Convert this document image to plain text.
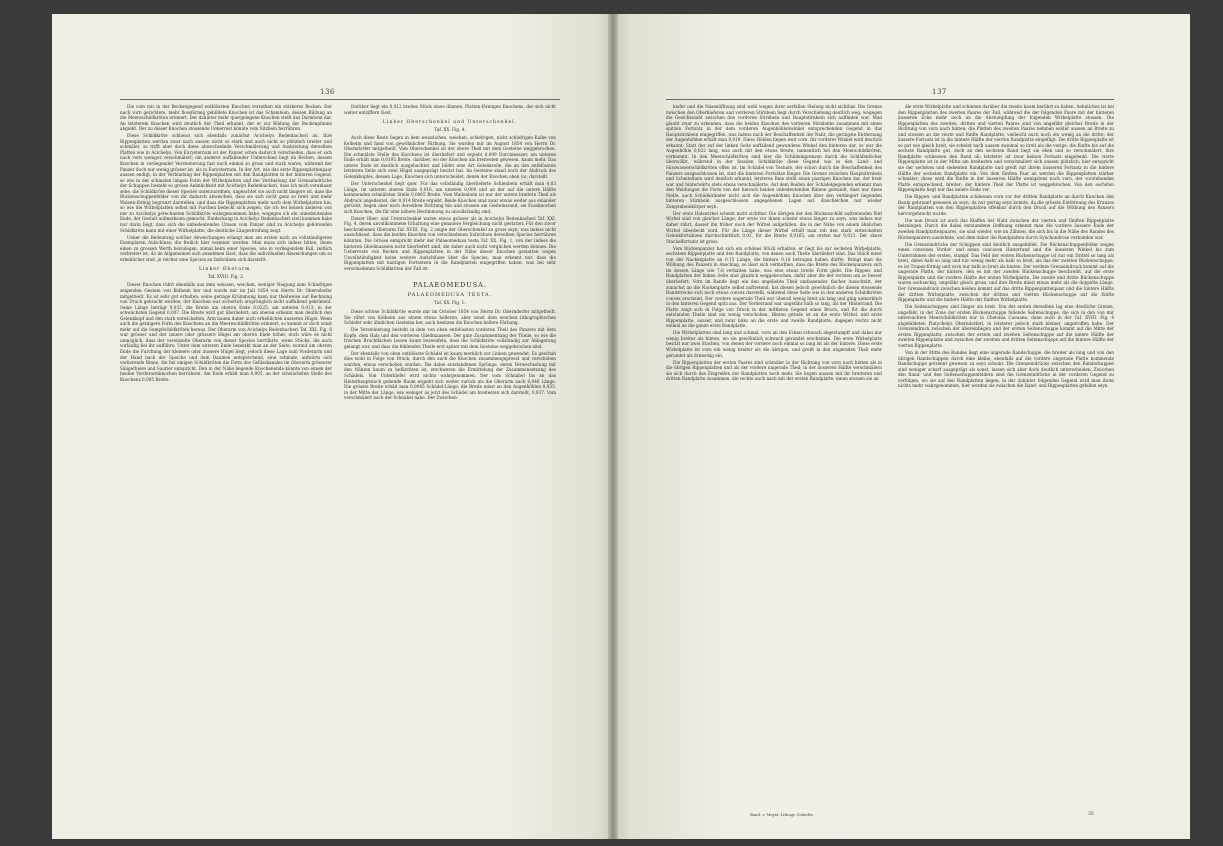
136

Die vom mir in der Beckengegend entblössten Knochen verrathen ein stärkeres Becken. Der nach vorn gerichtete, mehr flossförmig gebildete Knochen ist das Schambein, dessen Bildung an die Meereschildkröten erinnert. Der dahinter mehr quergelegene Knochen stellt das Darmbein dar. An letzterem Knochen wird deutlich der Theil erkannt, der er zur Bildung der Beckenpfanne abgiebt. Der zu dieser Knochen stossende Ueberrest könnte vom Sitzbein herrühren.

Diese Schildkröte schliesst sich ebenfalls zunächst Acichelys Redenbacheri an. Ihre Rippenplatten werden zwar nach aussen nicht so stark und auch nicht so plötzlich breiter und schmäler, so trifft aber doch diese abwechselnde Verschmälerung und Ausbreitung derselben Platten wie in Acichelys. Von Eurysternum ist der Panzer schon dadurch verschieden, dass er sich nach vorn weniger verschmälert; ein anderer auffallender Unterschied liegt im Becken, dessen Knochen in vorliegender Versteinerung fast noch einmal so gross und stark waren, während der Panzer doch nur wenig grösser ist, als in Eurysternum. In der Art, wie das erste Rippenplattenpaar aussen endigt, in der Verbindung der Rippenplatten mit den Randplatten in der hinteren Gegend, so wie in der schmalen langen Form der Wirbelplatten und der Vertheilung der Grenzeindrücke der Schuppen besteht so grosse Aehnlichkeit mit Acichelys Redenbacheri, dass ich mich veranlasst sehe, die Schildkröte dieser Species unterzuordnen, ungeachtet sie auch nicht längere ist, dass die Rückenschuppenfelder von ihr dadurch abweichen, dass sie sich nicht ganz so breit und mehr Walzen-förmig begrenzt darstellen, und dass die Rippenplatten mehr nach dem Wirbelplatten hin, so wie die Wirbelplatten selbst mit Furchen bedeckt sich zeigen, die ich bei keinen anderen von mir zu Acichelys gerechneten Schildkröte wahrgenommen habe; wogegen ich ein unbedeutendes Ende, der Gestalt aufmerksam gemacht, Entdeckung in Acichelys Redenbacheri steil kommen habe nur darin liegt, dass sich die unbedeutendes Umsen vom Panzer sind zu Acichelys gehörenden Schildkröte kann mit einer Wirbelplatte, die deutliche Längestreifung zeigt.

Ueber die Bedeutung solcher Abweichungen erlangt man am ersten nach an vollständigeren Exemplaren Aufschluss; die freilich hier vermisst werden. Man muss sich indess hüten, ihnen einen zu grossen Werth beizulegen, zumal beim einer Species, wie in vorliegendem Fall, zeitlich verbreitet ist; da im Allgemeinen sich annehmen lässt, dass die individuellen Abweichungen um so erheblicher sind, je reicher eine Species an Individuen sich darstellt.

Linker Oberarm.

Taf. XVIII. Fig. 2.

Dieser Knochen rührt ebenfalls aus dem weissen, weichen, weniger Neigung zum Schiefrigen zeigenden Gestein von Kelheim her und wurde mir im Juli 1854 von Herrn Dr. Oberndorfer mitgetheilt. Es ist sehr gut erhalten; seine geringe Krümmung kann nur theilweise auf Rechnung von Druck gebracht werden; der Knochen war sicherlich ursprünglich nicht auffallend gekrümmt. Seine Länge beträgt 0,032, die Breite am oberen Ende 0,0225, am unteren 0,013, in der schwächsten Gegend 0,007. Die Breite wird gut überliefert; am oberen erkennt man deutlich den Gelenkkopf und den stark entwickelten, Arm bauen daher auch erheblichen äusseren Hügel. Wenn auch die geringere Form des Knochens an die Meereschildkröten erinnert, so kommt er doch sonst mehr auf die Sumpfschildkröten heraus. Der Oberarm von Acichelys Redenbacheri Taf. XXI. Fig. 6 war grösser und der innere oder grössere Hügel am oberen Ende höher, doch wäre es nicht unmöglich, dass der vereinzelte Oberarm von dieser Species herrührte, wenn Stücke, die auch vorläufig bei ihr aufführe. Unter dem unteren Ende bemerkt man an der Seite, worauf am oberen Ende die Furchung der kleinere oder äussere Hügel liegt, jedoch diese Lage zum Vorderarm und der Hand nach der Speiche und dem Daumen entsprechend, eine schmale, aufwärts sich verlierende Rinne, die bei einigen Schildkröten die Form des Gefässkanales im Oberarm grösserer Säugethiere und Saurier entspricht. Den in der Nähe liegende Knochenende könnte von einem der beiden Vorderarmknochen herrühren. Am Ende erhält man 0,005, an der schwächsten Stelle des Knochens 0,005 Breite.

Darüber liegt ein 0,012 breites Stück eines dünnen, Platten-förmigen Knochens, der sich nicht weiter entziffern lässt.

Linker Oberschenkel und Unterschenkel.

Taf. XX. Fig. 4.

Auch diese Reste liegen in dem weisslichen, weichen, schiefrigen, nicht schiefrigen Kalke von Kelheim und fand von gewöhnlicher Färbung. Sie wurden mir im August 1854 von Herrn Dr. Oberndorfer mitgetheilt. Vom Oberschenkel ist der obere Theil mit dem Gesteine weggebrochen. Die schmälste Stelle des Knochens ist überliefert und ergiebt 0,009 Durchmesser, am unteren Ende erhält man 0,0195 Breite, darüber, wo der Knochen am breitesten gewesen, kaum mehr. Das untere Ende ist deutlich ausgebuchtet und bildet eine Art Gelenkrolle, die an den entblössten letzteren Seite sich zwei Hügel ausgeprägt besitzt hat. Im Gesteine stand noch der Abdruck des Gelenkkopfes, dessen Lage, Knochen sich unterscheidet, denen der Knochen oben (a), darstellt.

Der Unterschenkel liegt quer. Für das vollständig überlieferte Schienbein erhält man 0,03 Länge, im unteren oberen Ende 0,016, am unteren 0,009 und an der auf die untere Hälfte kommenden schmälsten Stelle 0,0065 Breite. Vom Wadenbein ist nur der untere breitere Theil als Abdruck angedeutet, der 0,014 Breite ergiebt. Beide Knochen sind zwar etwas weiter aus einander gerückt, liegen aber nach derselben Richtung hin und stossen am Gesteinsrand, sie Fussknochen sich Knochen, die für eine nähere Bestimmung zu unvollständig sind.

Dieser Ober- und Unterschenkel waren etwas grösser als in Acichelys Redenbacheri Taf. XXI. Fig. 4, deren unvollkommene Erhaltung eine genauere Vergleichung nicht gestattet. Für den zuvor beschriebenen Oberarm Taf. XVIII. Fig. 2 zeigte der Oberschenkel zu gross seyn, was indess nicht ausschliesst, dass die beiden Knochen von verschiedenen Individuen derselben Species herrühren könnten. Die Grösse entspricht mehr der Palaeomedusa testa Taf. XX. Fig. 1, von der indess die hinteren Gliedmaassen nicht überliefert sind, die daher auch nicht verglichen werden können. Die Ueberreste von Becken und Rippenplatten in der Nähe dieser Knochen gestatten wegen Unvollständigkeit keine weitere Aufschlüsse über die Species; man erkennt nur, dass die Rippenplatten mit kantigen Fortsetzen in die Randplatten eingegriffen haben, was bei sehr verschiedenen Schildkröten der Fall ist.

PALAEOMEDUSA.

PALAEOMEDUSA TESTA.

Taf. XX. Fig. 1.

Diese schöne Schildkröte wurde mir im October 1854 von Herrn Dr. Oberndorfer mitgetheilt. Sie rührt von Kelheim aus einem etwas helleren, aber sonst dem weichen lithographischen Schiefer sehr ähnlichen Gesteine her, auch besitzen die Knochen hellere Färbung.

Die Versteinerung besteht in dem von oben entblössten vorderen Theil des Panzers mit dem Kopfe, dem Hals und den vorderen Gliedmaassen. Der gute Zusammenhang der Theile, so wie die frischen Bruchflächen lassen kaum bezweifeln, dass die Schildkröte vollständig zur Ablagerung gelangt war, und dass die fehlenden Theile erst später mit dem Gesteine weggebrochen sind.

Der ebenfalls von oben entblösste Schädel ist kaum merklich zur Linken gewendet. Es geschah dies wohl in Folge von Druck, durch den auch die Knochen zusammengepresst und verschoben wurden, etwas verschoben wurden. Die dabei entstandenen Sprünge, deren Verwechselung mit den Nähten kaum zu befürchten ist, erschweren die Ermittelung der Zusammensetzung des Schädels. Von Unterkiefer wird nichts wahrgenommen. Der vom Schnabel bis an das Hinterhauptsloch gehende Raum ergiebt sich weiter zurück als die Oberarm nach 0,048 Länge. Die grösste Breite erhält man 0,0045 Schädel-Länge; die Breite misst an den Augenhöhlen 0,033, in der Mitte der Länge, wie weniger as jetzt des Schädel am breitesten sich darstellt, 0,037. Vom verschmälert nach der Schnabel nahe. Der Zwischen-

137

kiefer und die Nasenöffnung sind wohl wegen ihrer zerfallen Stelung nicht sichtbar. Die Grenze zwischen den Oberkieferen und vorderen Stirnbein liegt durch Verschiebung deutlich weg; wogegen die Gesichtsnaht zwischen den vorderen Stirnbein und Hauptstirnbein sich auffinden war. Man glaubt zwar zu erkennen, dass die beiden Knochen des vorderen Stirnbeins zusammen mit einen spitzen Fortsatz in der dem vorderen Augenhöhlenwinkel entsprechenden Gegend in das Hauptstirnbein eingegriffen, was indess nach der Beschaffenheit der Naht, die geringste Entfernung der Augenhöhlen erhält man 0,019. Diese Höhlen liegen weit vorn. Ihr vorderer Winkel wird deutlich erkannt. Statt der auf der linken Seite auffallend gewundene Winkel den hinteren dar, so war die Augenhöhle 0,022 lang, was auch mit den etwas Breite, namentlich bei den Meerschildkröten, vorkommt. In den Meerschildkröten sind hier die Schildeingrenzen durch die Schläfenlöcher überwölbt, während in der fossilen Schildkröte diese Gegend wie in den Land- und Süsswasserschildkröten offen ist. Im Schädel von Testudo, der schon durch die Beschaffenheit des Panzers ausgeschlossen ist, sind die hinteren Fortsätze länger. Die Grenze zwischen Hauptstirnbein und Scheitelbein wird deutlich erkannt; letzteres Bein stellt einen paarigen Knochen dar, der breit war und hinterwärts stets etwas verschmälerte. Auf dem Beiden der Schädelgegenden erkennt man den Waldungen die Form von der hierach beiden unbedeutenden Rinnen gewandt, dass nur diese Stelle, auch Schädelränder nicht sich die Augenhöhlen Knochen über den verlängert liegenden hinteren Stirnbein ausgeschlossen angegebenen Lagen auf, Knöchelchen nur wieder Zungenbeinkörper seyn.

Der erste Halswirbel scheint nicht sichtbar. Die übrigen der den Rückenschild auftretenden fünf Wirbel sind von gleicher Länge; der erste vor ihnen scheint etwas länger zu seyn, was indess nur daher rührt, dasser ihn früher noch der Wirbel aufgefallen, die in der Nähe von einem ähnlichen Wirbel überdeckt wird. Für die Länge dieser Wirbel erhält man roh den stark entwickelten Gelenkfortsätzen durchschnittlich 0,02, für die Breite 0,0165, am ersten nur 0,015. Der obere Stachelfortsatz ist gross.

Vom Rückenpanzer hat sich ein schönes Stück erhalten; er liegt bis zur sechsten Wirbelplatte, sechstem Rippenplatte und den Randplatte, von denen auch Theile überliefert sind. Das Stück misst von der Nackenplatte an 0,15 Länge, die hintere 0,18 betragen haben dürfte. Bringt man die Wölbung des Panzers in Anschlag, so lässt sich vermuthen, dass die Breite des Rückenpanzers sich im dessen Länge wie 7:8 verhalten habe, was eine etwas breite Form giebt. Die Rippen- und Randplatten der linken Seite sind gänzlich weggebrochen, dafür aber die der rechten um so besser überliefert. Vorn im Rande liegt ein den ungeliebte Theil umfassender, flacher Ausschnitt, der zunächst an die Nackenplatte selbst auftretend, hat diesen jedoch gewöhnlich die diesen stossende Randstrecke sich noch etwas convex darstellt, während diese Seite wie in den anderen Schildkröten convex erscheint. Der vordere ungerade Theil war überall wenig breit als lang und ging unmerklich in den hinteren Gegend spitz aus. Der Vorderrand war ungefähr halb so lang, als der Hinterrand. Die Platte zeigt sich in Folge von Druck in der mittleren Gegend einen Bruch, und für die durch entstanden Theile sind ein wenig verschoben. Hinten gerade ist an die erste Wirbel, und erste Rippenplatte, ausser, und zwar links an die erste und zweite Randplatte, dagegen rechts nicht einmal an die ganze erste Randplatte.

Die Wirbelplatten sind lang und schmal, vorn an den Ecken schwach abgestumpft und dabei nur wenig breiter als hinten, wo sie gewöhnlich schwach gerundet erscheinen. Die erste Wirbelplatte besitzt nur zwei Stachen, von denen der vordere noch einmal so lang ist als der hintere. Diese erste Wirbelplatte ist vorn ein wenig breiter als die übrigen, und greift in den ungeraden Theil mehr gerundet als dreieckig ein.

Die Rippenplatten der ersten Paares sind schmäler in der Richtung von vorn nach hinten als in die übrigen Rippenplatten und als der vordere ungerade Theil; in der äusseren Hälfte verschmälern sie sich durch das Eingreifen der Randplatten noch mehr. Sie liegen aussen mit ihr breiteren und dritten Randplatte zusammen, die rechte auch nach mit der ersten Randplatte; innen stossen sie an

die erste Wirbelplatte und schienen darüber die zweite kaum berührt zu haben. Aehnliches ist bei den Rippenplatten des zweiten Paares der Fall, während die der folgenden Paare mit der hinteren äusseren Ecke mehr noch an die Abstumpfung der folgenden Wirbelplatte stossen. Die Rippenplatten des zweiten, dritten und vierten Paares sind von ungefähr gleicher Breite in der Richtung von vorn nach hinten; die Platten des zweiten Paares nehmen weiter aussen an Breite zu und stossen an die vierte und fünfte Randplatte, vielleicht auch noch ein wenig an die dritte; der äussere Fortsatz ist in die hintere Hälfte der vierten Randplatte eingefügt. Die dritte Rippenplatte ist so gut wie gleich breit, sie scheint nach aussen zweimal so breit als die vorige; die fünfte bis auf die sechste Randplatte gut, doch an den sechsten Rand liegt sie eben und so verschmälert, ihre Randplatte schliessen den Rand ab; letzterer ist zwar keinen Fortsatz eingelenkt. Die vierte Rippenplatte ist in der Mitte am breitesten und verschmälert sich aussen plötzlich; hier entspricht sie der sechsten und siebenten Randplatte und greift mit ihrem äusseren Fortsatz in die hintere Hälfte der sechsten Randplatte ein. Von dem fünften Paar an werden die Rippenplatten stärker schmäler; diese wird die fünfte in der äusseren Hälfte wenigstens nach vorn, der vorstehenden Platte entsprechend, breiter; der hintere Theil der Platte ist weggebrochen. Von den sechsten Rippenplatte liegt nur das innere Ende vor.

Die Rippen- und Randplatten schliessen vorn vor der dritten Randplatte an durch Knochen den Raum gebrannt gewesen zu seyn, da nur gering seyn konnte, da die grösste Entfernung des Kranzes der Randplatten von den Rippenplatten offenbar durch den Druck auf die Wölbung des Panzers hervorgebracht wurde.

Die nun Druck ist auch das Klaffen der Naht zwischen der vierten und fünften Rippenplatte beizulegen. Durch die dabei entstandene Oeffnung erkennt man die vordere äussere Ende der zweiten Randplattenpaares, sie sind wieder, wie im Zähnen, die sich bis in die Nähe des Randes des Rückenpanzers ausdehnte, und dem daher die Randplatten durch Synchondrose verbunden war.

Die Grenzeindrücke der Schuppen sind deutlich ausgebildet. Die Rückenschuppenfelder zeigen einen convexen Vorder- und einen concaven Hinterrand und die äusseren Winkel bis zum Unterrahmen der ersten, stumpf. Das Feld der ersten Rückenschuppe ist nur ein Drittel so lang als breit, dabei halb so lang und nur wenig mehr als halb so breit, als das der zweiten Rückenschuppe; es ist Trapez-förmig und vorn nur halb so breit als hinten. Der vordere Grenzeindruck kommt auf die ungerade Platte, der hintere, den es mit der zweiten Rückenschuppe beschreibt, auf die erste Rippenplatte und die vordere Hälfte der ersten Wirbelplatte. Die zweite und dritte Rückenschuppe waren sechseckig, ungefähr gleich gross, und ihre Breite misst etwas mehr als die doppelte Länge. Der Grenzeindruck zwischen beiden kommt auf das dritte Rippenplattenpaar und die hintere Hälfte der dritten Wirbelplatte, zwischen der dritten und vierten Rückenschuppe auf die fünfte Rippenplatte und die hintere Hälfte der fünften Wirbelplatte.

Die Seitenschuppen sind länger als breit. Von der ersten derselben lag eine deutliche Grenze, ungefähr, in der Zone der ersten Rückenschuppe fallende Seitenschuppe, die sich in den von mir untersuchten Meerschildkröten nur in Chelonia Caouana, dann auch in der Taf. XVIII. Fig. 4 abgebildeten Platychelys Oberndorferi, in letzterer jedoch stark kleiner, angetroffen habe. Der Grenzeindruck zwischen der übereinliegen und der ersten Seitenschuppe kommt auf die Mitte der ersten Rippenplatte, zwischen der ersten und zweiten Seitenschuppe auf die innere Hälfte der zweiten Rippenplatte und zwischen der zweiten und dritten Seitenschuppe auf die hintere Hälfte der vierten Rippenplatte.

Von in der Mitte des Randes liegt eine ungerade Randschuppe, die breiter als lang und von den übrigen Randschuppen durch eine kleine, ebenfalls auf die vordere ungerade Platte kommende Randschuppe getrennt gewesen zu seyn scheint. Die Grenzeindrücke zwischen den Randschuppen sind weniger scharf ausgeprägt als sonst, lassen sich aber doch deutlich unterscheiden. Zwischen den Rand- und den Seitenschuppenfeldern sind die Grenzeindrücke in der vorderen Gegend zu verfolgen, wo sie auf den Randplatten liegen; in der dahinter folgenden Gegend wird man ihren nichts mehr wahrgenommen, hier werden sie zwischen die Rand- und Rippenplatten gefallen seyn.

Band. v. Meyer, Lithogr. Schiefer.	35
